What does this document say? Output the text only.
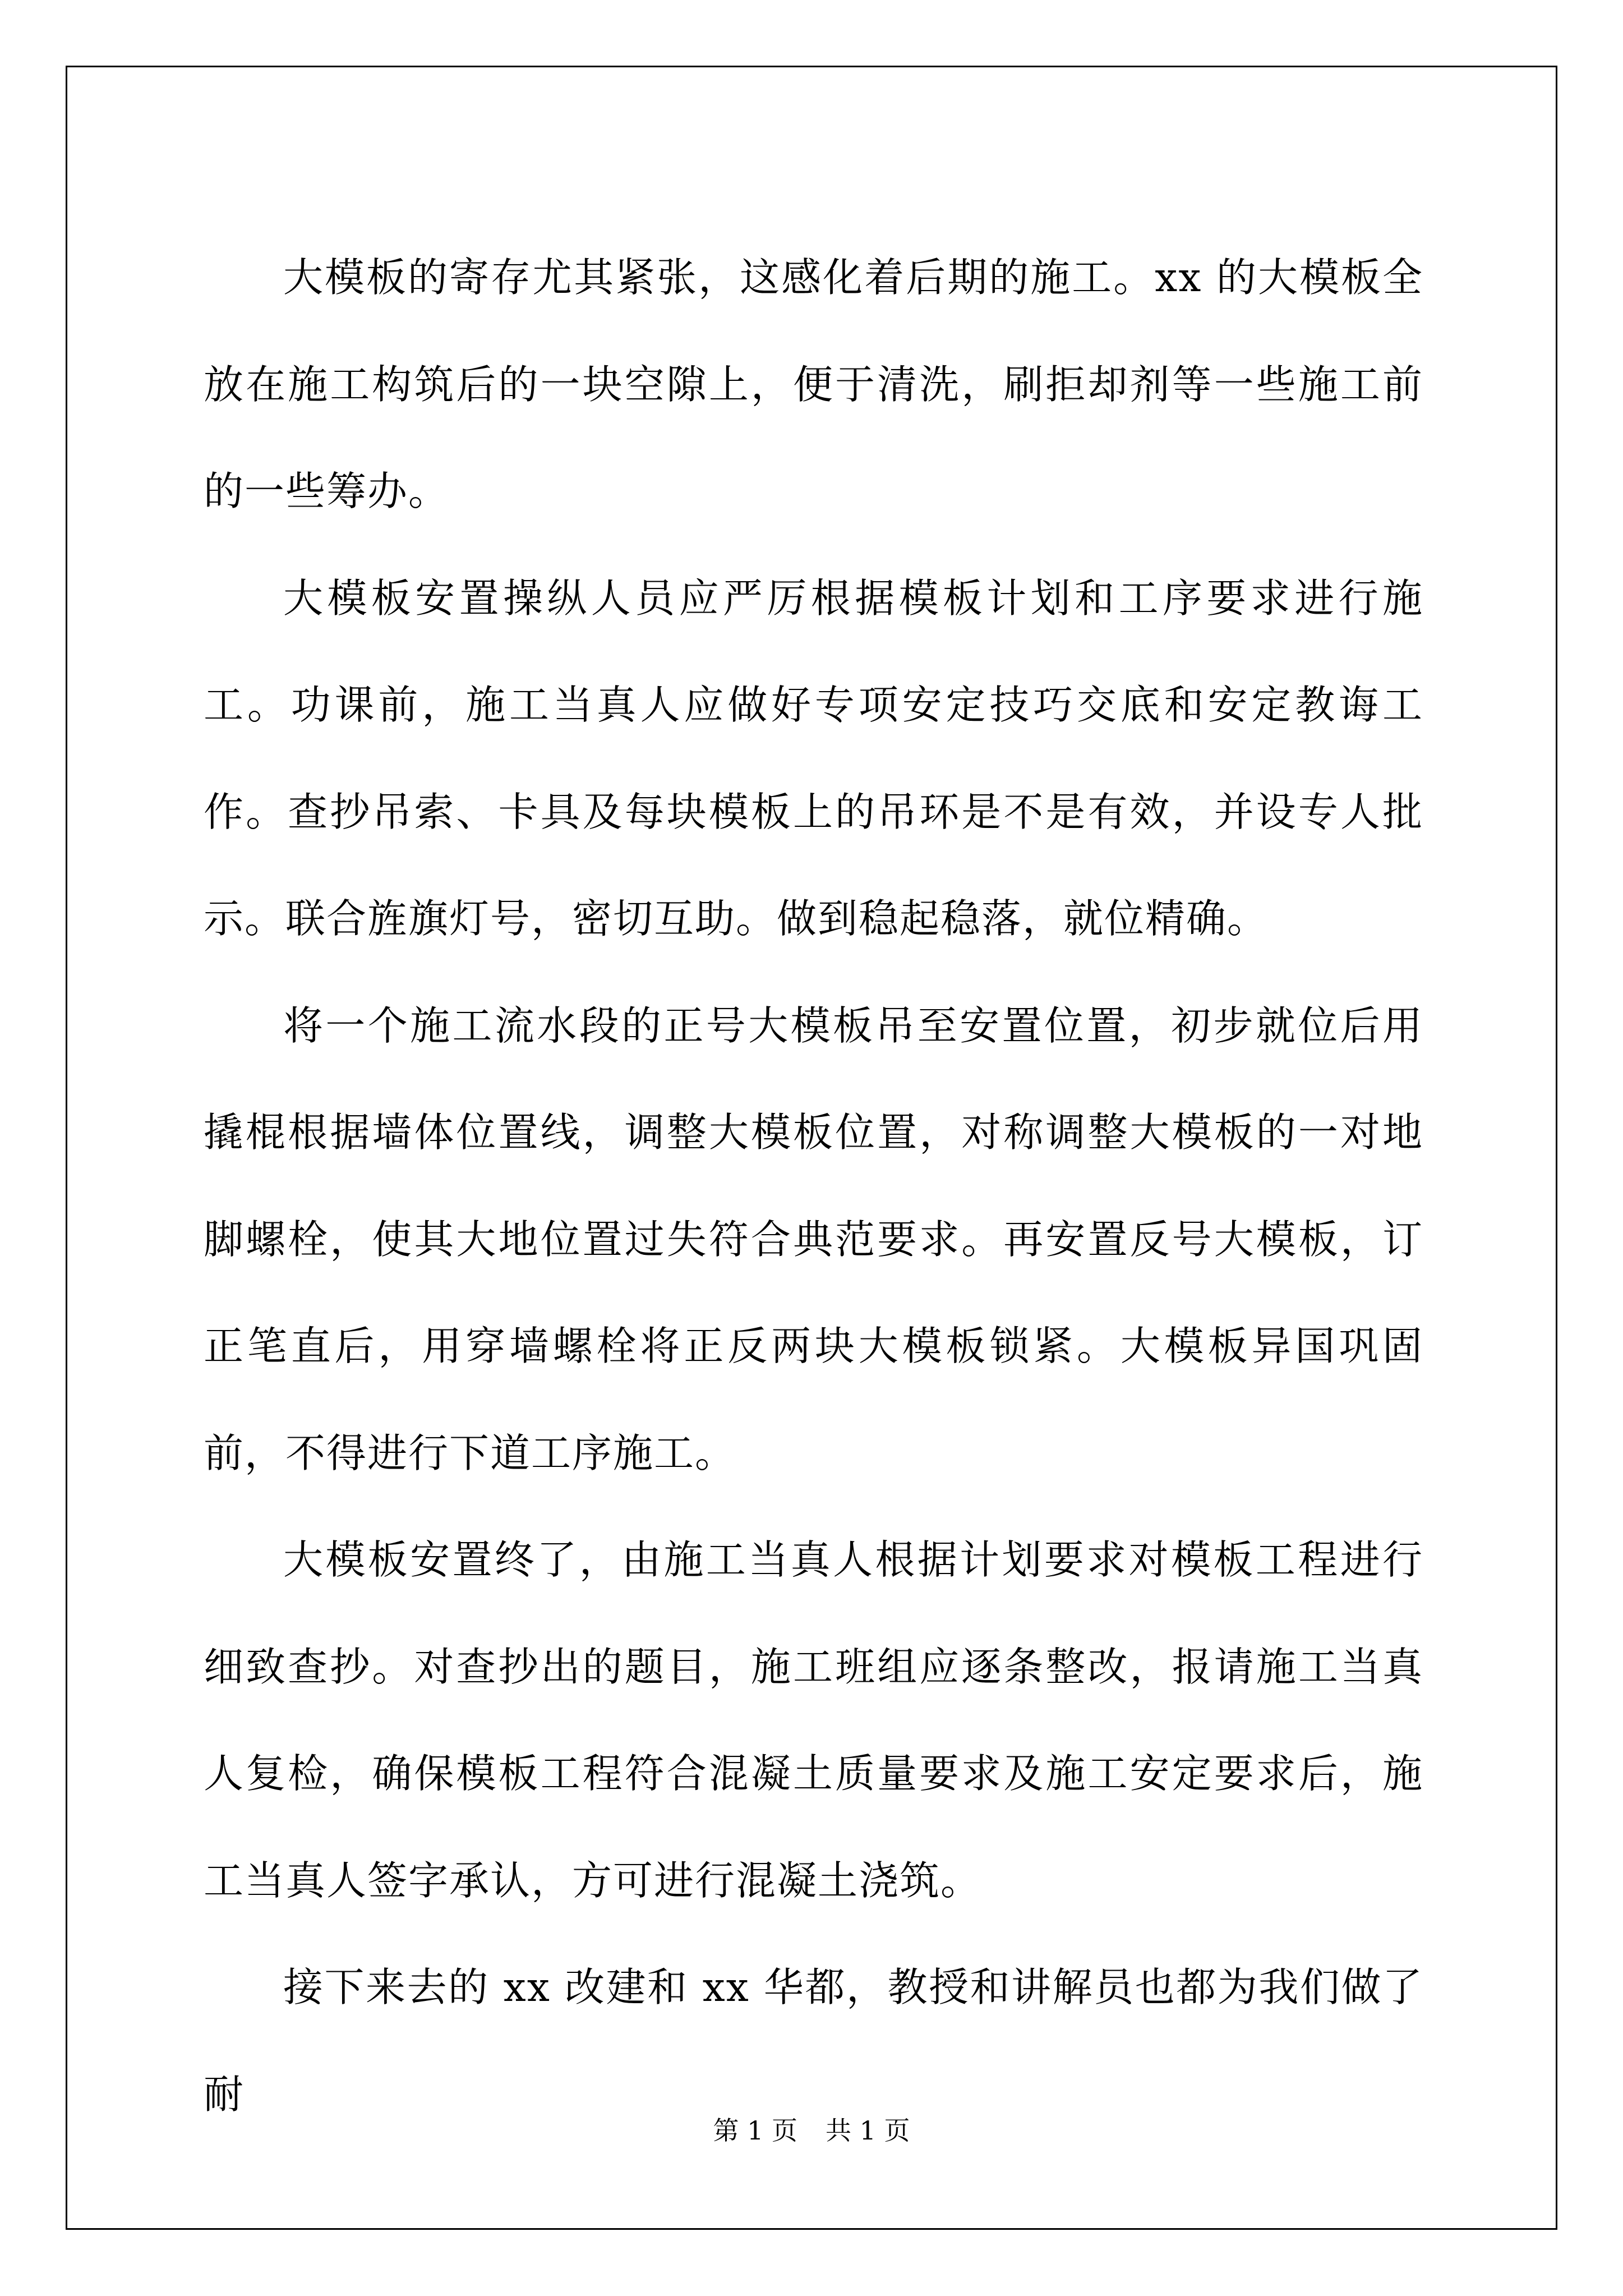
大模板的寄存尤其紧张，这感化着后期的施工。xx 的大模板全放在施工构筑后的一块空隙上，便于清洗，刷拒却剂等一些施工前的一些筹办。

大模板安置操纵人员应严厉根据模板计划和工序要求进行施工。功课前，施工当真人应做好专项安定技巧交底和安定教诲工作。查抄吊索、卡具及每块模板上的吊环是不是有效，并设专人批示。联合旌旗灯号，密切互助。做到稳起稳落，就位精确。

将一个施工流水段的正号大模板吊至安置位置，初步就位后用撬棍根据墙体位置线，调整大模板位置，对称调整大模板的一对地脚螺栓，使其大地位置过失符合典范要求。再安置反号大模板，订正笔直后，用穿墙螺栓将正反两块大模板锁紧。大模板异国巩固前，不得进行下道工序施工。

大模板安置终了，由施工当真人根据计划要求对模板工程进行细致查抄。对查抄出的题目，施工班组应逐条整改，报请施工当真人复检，确保模板工程符合混凝土质量要求及施工安定要求后，施工当真人签字承认，方可进行混凝土浇筑。

接下来去的 xx 改建和 xx 华都，教授和讲解员也都为我们做了耐

第 1 页 共 1 页
